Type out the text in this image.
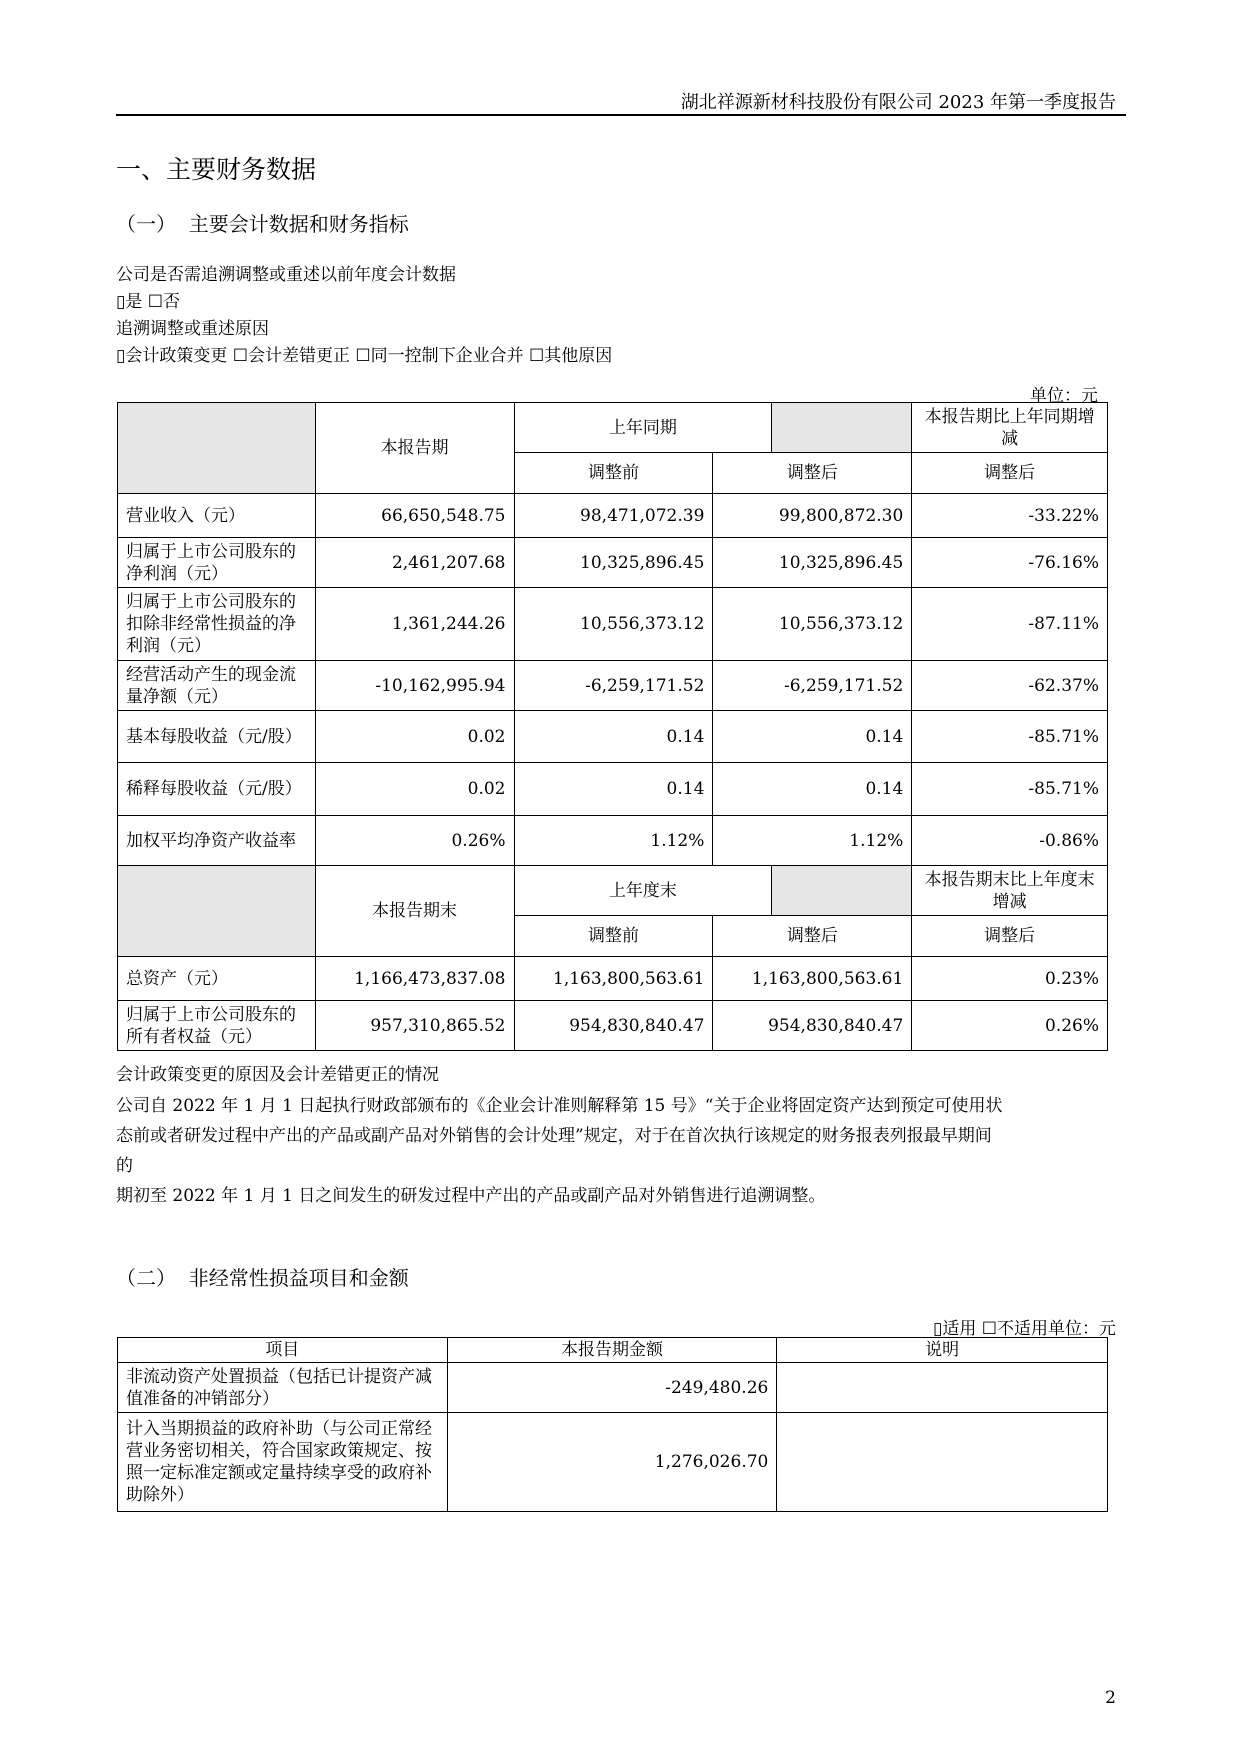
湖北祥源新材科技股份有限公司 2023 年第一季度报告
一、主要财务数据
（一）  主要会计数据和财务指标
公司是否需追溯调整或重述以前年度会计数据
▯是 ☐否
追溯调整或重述原因
▯会计政策变更 ☐会计差错更正 ☐同一控制下企业合并 ☐其他原因
单位：元
	本报告期	上年同期			本报告期比上年同期增减
		调整前	调整后		调整后
营业收入（元）	66,650,548.75	98,471,072.39	99,800,872.30		-33.22%
归属于上市公司股东的净利润（元）	2,461,207.68	10,325,896.45	10,325,896.45		-76.16%
归属于上市公司股东的扣除非经常性损益的净利润（元）	1,361,244.26	10,556,373.12	10,556,373.12		-87.11%
经营活动产生的现金流量净额（元）	-10,162,995.94	-6,259,171.52	-6,259,171.52		-62.37%
基本每股收益（元/股）	0.02	0.14	0.14		-85.71%
稀释每股收益（元/股）	0.02	0.14	0.14		-85.71%
加权平均净资产收益率	0.26%	1.12%	1.12%		-0.86%
	本报告期末	上年度末			本报告期末比上年度末增减
		调整前	调整后		调整后
总资产（元）	1,166,473,837.08	1,163,800,563.61	1,163,800,563.61		0.23%
归属于上市公司股东的所有者权益（元）	957,310,865.52	954,830,840.47	954,830,840.47		0.26%
会计政策变更的原因及会计差错更正的情况
公司自 2022 年 1 月 1 日起执行财政部颁布的《企业会计准则解释第 15 号》“关于企业将固定资产达到预定可使用状
态前或者研发过程中产出的产品或副产品对外销售的会计处理”规定，对于在首次执行该规定的财务报表列报最早期间
的
期初至 2022 年 1 月 1 日之间发生的研发过程中产出的产品或副产品对外销售进行追溯调整。
（二）  非经常性损益项目和金额
▯适用 ☐不适用单位：元
项目	本报告期金额	说明
非流动资产处置损益（包括已计提资产减值准备的冲销部分）	-249,480.26	
计入当期损益的政府补助（与公司正常经营业务密切相关，符合国家政策规定、按照一定标准定额或定量持续享受的政府补助除外）	1,276,026.70	
2
